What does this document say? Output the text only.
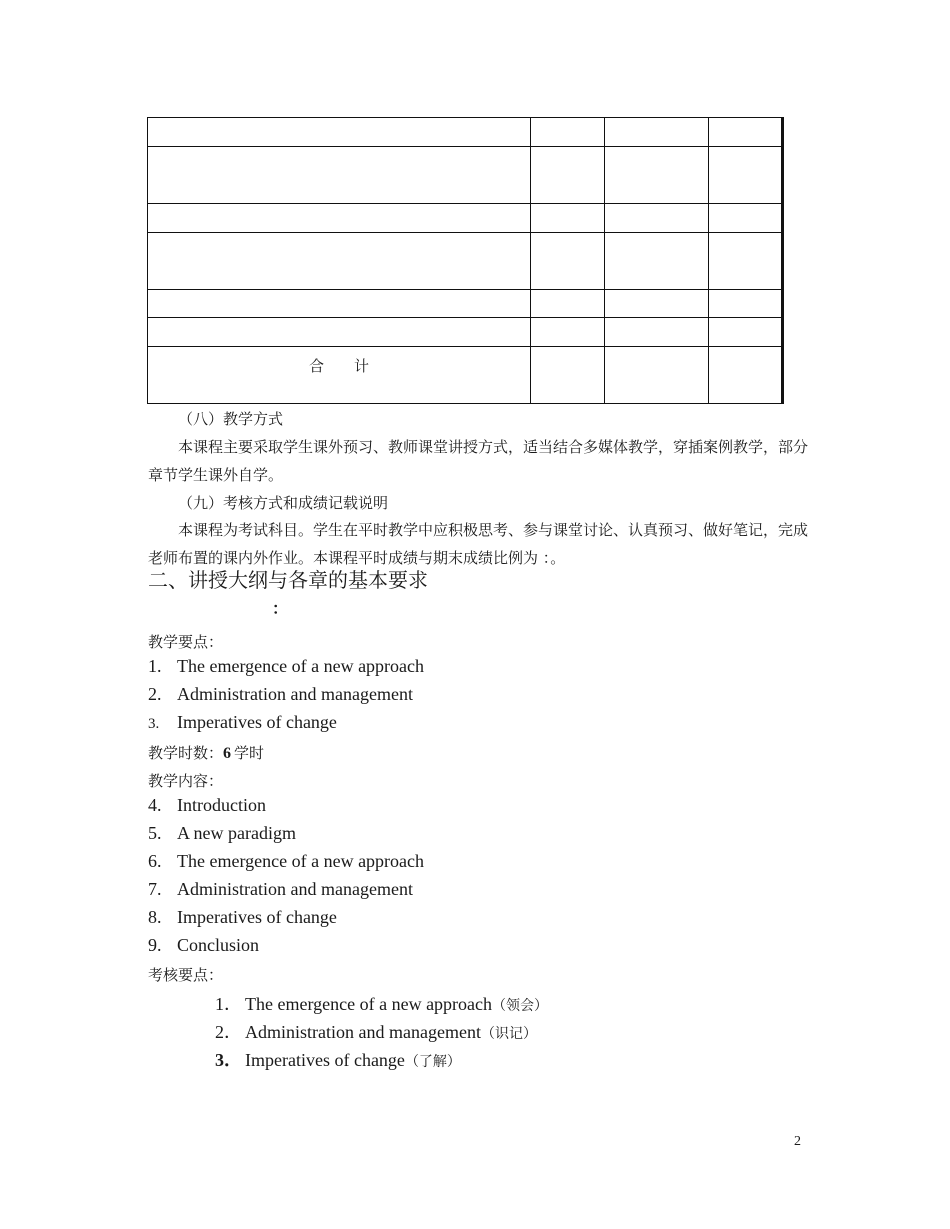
合　　计			
（八）教学方式
本课程主要采取学生课外预习、教师课堂讲授方式，适当结合多媒体教学，穿插案例教学，部分章节学生课外自学。
（九）考核方式和成绩记载说明
本课程为考试科目。学生在平时教学中应积极思考、参与课堂讨论、认真预习、做好笔记，完成老师布置的课内外作业。本课程平时成绩与期末成绩比例为 ：。
二、讲授大纲与各章的基本要求
：
教学要点：
1. The emergence of a new approach
2. Administration and management
3. Imperatives of change
教学时数：6 学时
教学内容：
4. Introduction
5. A new paradigm
6. The emergence of a new approach
7. Administration and management
8. Imperatives of change
9. Conclusion
考核要点：
1． The emergence of a new approach（领会）
2． Administration and management（识记）
3． Imperatives of change（了解）
2
